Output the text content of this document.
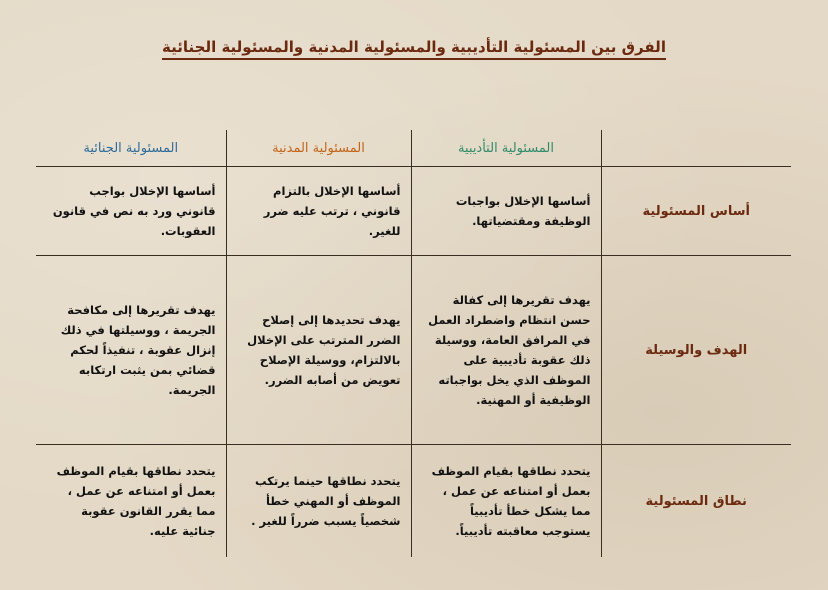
الفرق بين المسئولية التأديبية والمسئولية المدنية والمسئولية الجنائية
	المسئولية التأديبية	المسئولية المدنية	المسئولية الجنائية
أساس المسئولية	أساسها الإخلال بواجبات الوظيفة ومقتضياتها.	أساسها الإخلال بالتزام قانوني ، ترتب عليه ضرر للغير.	أساسها الإخلال بواجب قانوني ورد به نص في قانون العقوبات.
الهدف والوسيلة	يهدف تقريرها إلى كفالة حسن انتظام واضطراد العمل في المرافق العامة، ووسيلة ذلك عقوبة تأديبية على الموظف الذي يخل بواجباته الوظيفية أو المهنية.	يهدف تحديدها إلى إصلاح الضرر المترتب على الإخلال بالالتزام، ووسيلة الإصلاح تعويض من أصابه الضرر.	يهدف تقريرها إلى مكافحة الجريمة ، ووسيلتها في ذلك إنزال عقوبة ، تنفيذاً لحكم قضائي بمن يثبت ارتكابه الجريمة.
نطاق المسئولية	يتحدد نطاقها بقيام الموظف بعمل أو امتناعه عن عمل ، مما يشكل خطأ تأديبياً يستوجب معاقبته تأديبياً.	يتحدد نطاقها حينما يرتكب الموظف أو المهني خطأ شخصياً يسبب ضرراً للغير .	يتحدد نطاقها بقيام الموظف بعمل أو امتناعه عن عمل ، مما يقرر القانون عقوبة جنائية عليه.
